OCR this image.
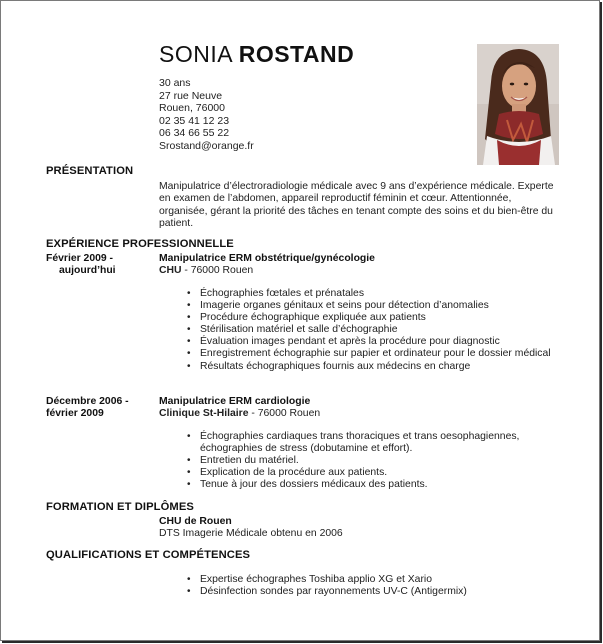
SONIA ROSTAND
30 ans
27 rue Neuve
Rouen, 76000
02 35 41 12 23
06 34 66 55 22
Srostand@orange.fr
PRÉSENTATION
Manipulatrice d’électroradiologie médicale avec 9 ans d’expérience médicale. Experte en examen de l’abdomen, appareil reproductif féminin et cœur. Attentionnée, organisée, gérant la priorité des tâches en tenant compte des soins et du bien-être du patient.
EXPÉRIENCE PROFESSIONNELLE
Février 2009 -
aujourd’hui
Manipulatrice ERM obstétrique/gynécologie
CHU - 76000 Rouen
• Échographies fœtales et prénatales
• Imagerie organes génitaux et seins pour détection d’anomalies
• Procédure échographique expliquée aux patients
• Stérilisation matériel et salle d’échographie
• Évaluation images pendant et après la procédure pour diagnostic
• Enregistrement échographie sur papier et ordinateur pour le dossier médical
• Résultats échographiques fournis aux médecins en charge
Décembre 2006 -
février 2009
Manipulatrice ERM cardiologie
Clinique St-Hilaire - 76000 Rouen
• Échographies cardiaques trans thoraciques et trans oesophagiennes, échographies de stress (dobutamine et effort).
• Entretien du matériel.
• Explication de la procédure aux patients.
• Tenue à jour des dossiers médicaux des patients.
FORMATION ET DIPLÔMES
CHU de Rouen
DTS Imagerie Médicale obtenu en 2006
QUALIFICATIONS ET COMPÉTENCES
• Expertise échographes Toshiba applio XG et Xario
• Désinfection sondes par rayonnements UV-C (Antigermix)
